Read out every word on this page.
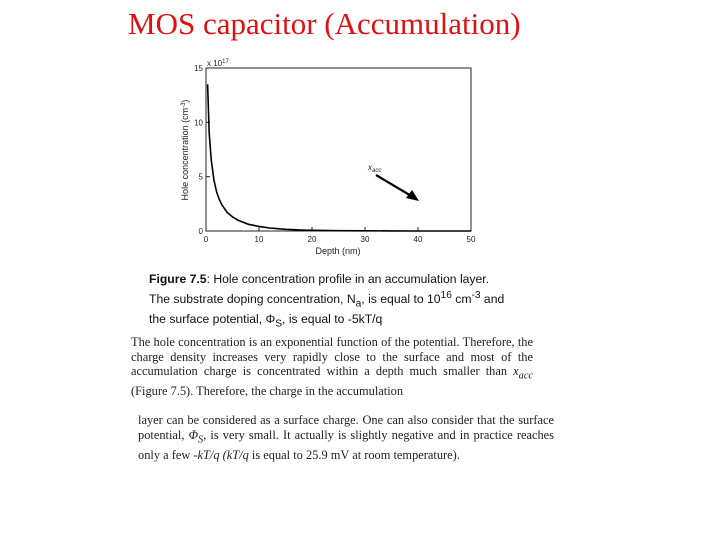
MOS capacitor (Accumulation)
0	10	20	30	40	50
0
5
10
15
x $10^{17}$
Depth (nm)
Hole concentration $(cm^{-3})$
$x_{acc}$
Figure 7.5: Hole concentration profile in an accumulation layer.
The substrate doping concentration, $N_a$, is equal to $10^{16}$ $cm^{-3}$ and
the surface potential, $\Phi_S$, is equal to -5kT/q
The hole concentration is an exponential function of the potential. Therefore, the charge density increases very rapidly close to the surface and most of the accumulation charge is concentrated within a depth much smaller than $x_{acc}$ (Figure 7.5). Therefore, the charge in the accumulation
layer can be considered as a surface charge. One can also consider that the surface potential, $\Phi_S$, is very small. It actually is slightly negative and in practice reaches only a few -kT/q (kT/q is equal to 25.9 mV at room temperature).
